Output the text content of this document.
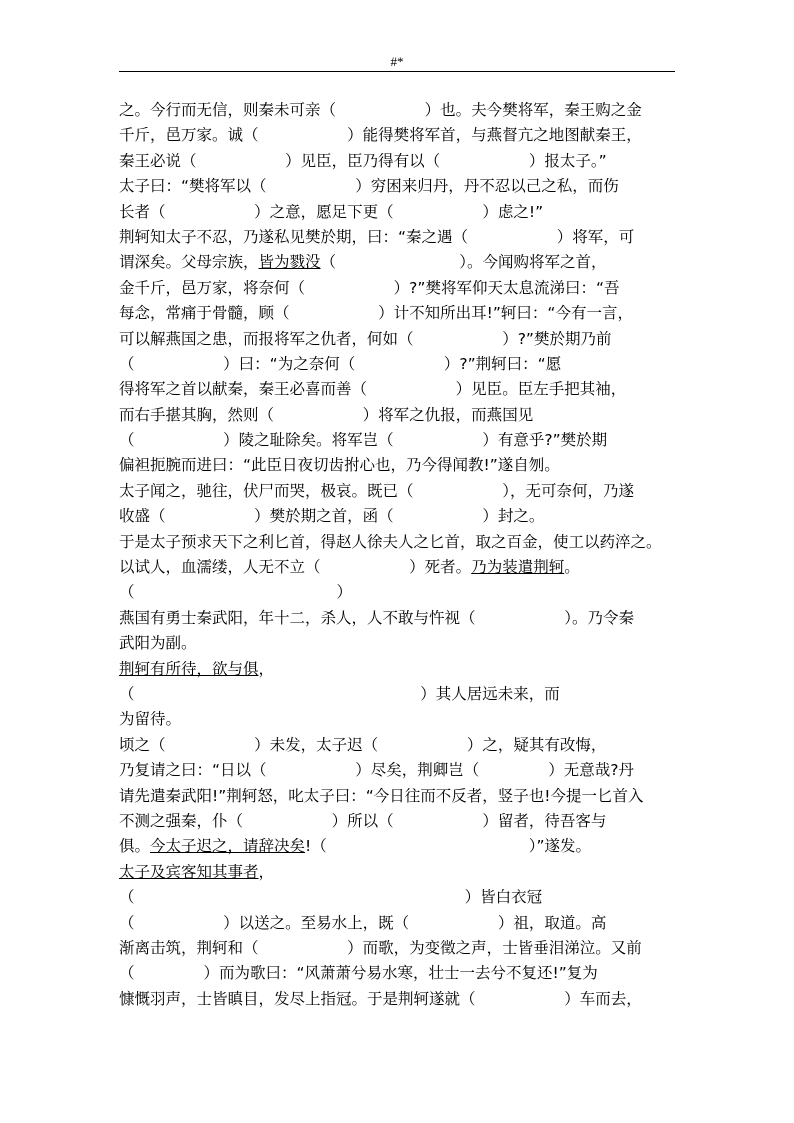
#*
之。今行而无信，则秦未可亲（                  ）也。夫今樊将军，秦王购之金
千斤，邑万家。诚（                  ）能得樊将军首，与燕督亢之地图献秦王，
秦王必说（                  ）见臣，臣乃得有以（                  ）报太子。”
太子曰：“樊将军以（                  ）穷困来归丹，丹不忍以己之私，而伤
长者（                  ）之意，愿足下更（                  ）虑之!”
荆轲知太子不忍，乃遂私见樊於期，曰：“秦之遇（                  ）将军，可
谓深矣。父母宗族，皆为戮没（                         ）。今闻购将军之首，
金千斤，邑万家，将奈何（                  ）?”樊将军仰天太息流涕曰：“吾
每念，常痛于骨髓，顾（                  ）计不知所出耳!”轲曰：“今有一言，
可以解燕国之患，而报将军之仇者，何如（                  ）?”樊於期乃前
（                  ）曰：“为之奈何（                  ）?”荆轲曰：“愿
得将军之首以献秦，秦王必喜而善（                  ）见臣。臣左手把其袖，
而右手揕其胸，然则（                  ）将军之仇报，而燕国见
（                  ）陵之耻除矣。将军岂（                  ）有意乎?”樊於期
偏袒扼腕而进曰：“此臣日夜切齿拊心也，乃今得闻教!”遂自刎。
太子闻之，驰往，伏尸而哭，极哀。既已（                  ），无可奈何，乃遂
收盛（                  ）樊於期之首，函（                  ）封之。
于是太子预求天下之利匕首，得赵人徐夫人之匕首，取之百金，使工以药淬之。
以试人，血濡缕，人无不立（                  ）死者。乃为装遣荆轲。
（                                         ）
燕国有勇士秦武阳，年十二，杀人，人不敢与忤视（                  ）。乃令秦
武阳为副。
荆轲有所待，欲与俱，
（                                                          ）其人居远未来，而
为留待。
顷之（                  ）未发，太子迟（                  ）之，疑其有改悔，
乃复请之曰：“日以（                  ）尽矣，荆卿岂（              ）无意哉?丹
请先遣秦武阳!”荆轲怒，叱太子曰：“今日往而不反者，竖子也!今提一匕首入
不测之强秦，仆（                  ）所以（                  ）留者，待吾客与
俱。今太子迟之，请辞决矣!（                                         ）”遂发。
太子及宾客知其事者，
（                                                                   ）皆白衣冠
（                  ）以送之。至易水上，既（                  ）祖，取道。高
渐离击筑，荆轲和（                  ）而歌，为变徵之声，士皆垂泪涕泣。又前
（              ）而为歌曰：“风萧萧兮易水寒，壮士一去兮不复还!”复为
慷慨羽声，士皆瞋目，发尽上指冠。于是荆轲遂就（                  ）车而去，
